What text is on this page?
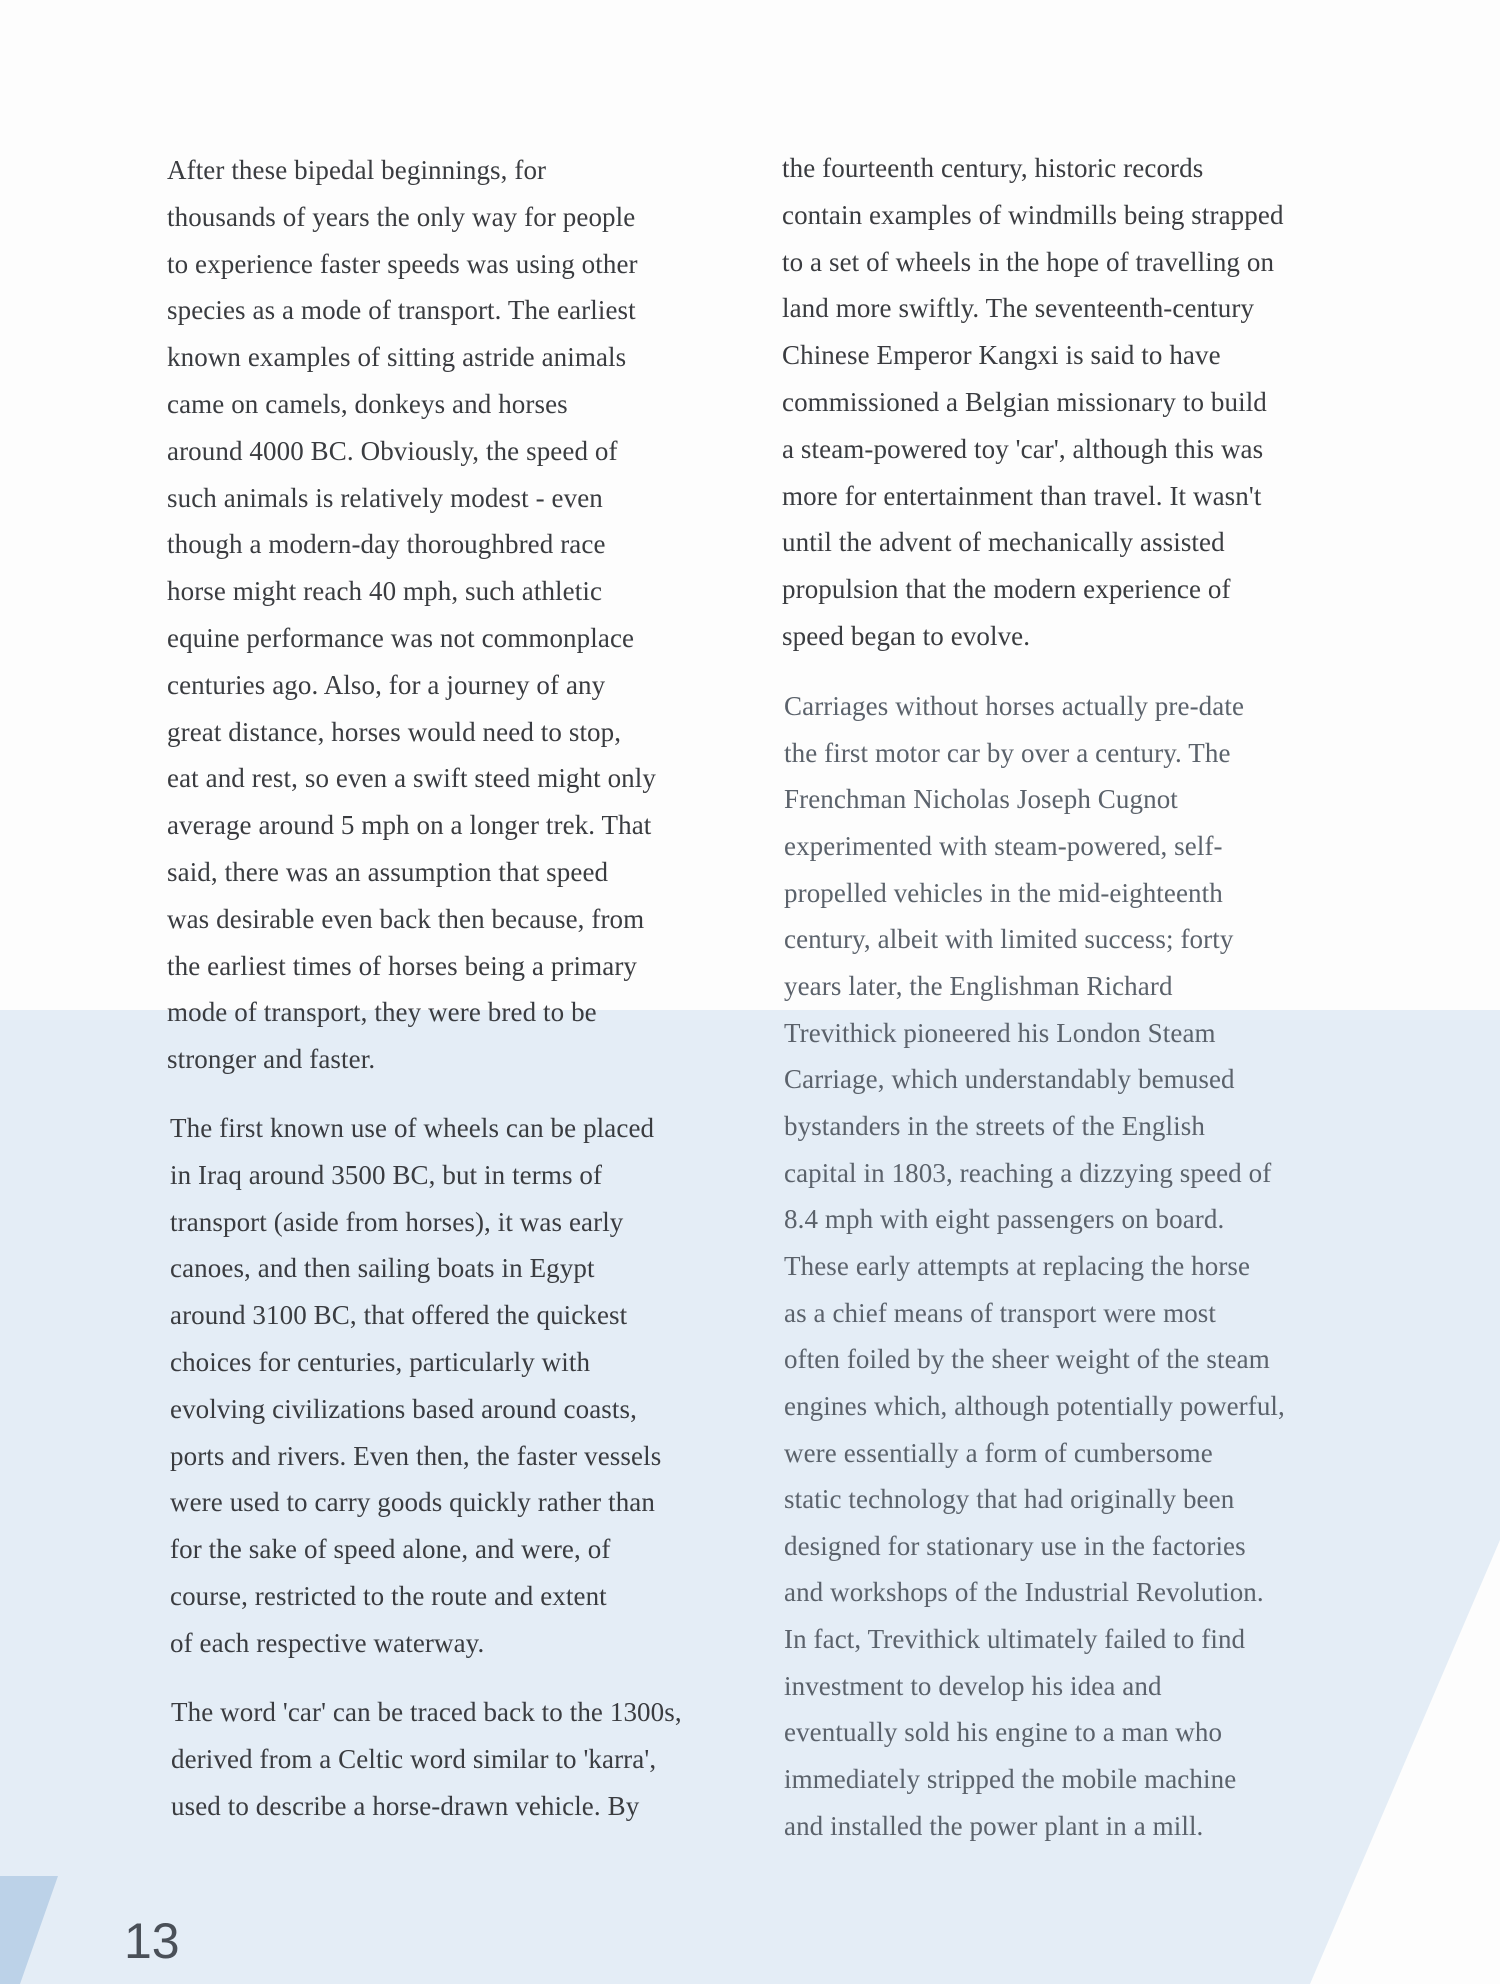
After these bipedal beginnings, for
thousands of years the only way for people
to experience faster speeds was using other
species as a mode of transport. The earliest
known examples of sitting astride animals
came on camels, donkeys and horses
around 4000 BC. Obviously, the speed of
such animals is relatively modest - even
though a modern-day thoroughbred race
horse might reach 40 mph, such athletic
equine performance was not commonplace
centuries ago. Also, for a journey of any
great distance, horses would need to stop,
eat and rest, so even a swift steed might only
average around 5 mph on a longer trek. That
said, there was an assumption that speed
was desirable even back then because, from
the earliest times of horses being a primary
mode of transport, they were bred to be
stronger and faster.
The first known use of wheels can be placed
in Iraq around 3500 BC, but in terms of
transport (aside from horses), it was early
canoes, and then sailing boats in Egypt
around 3100 BC, that offered the quickest
choices for centuries, particularly with
evolving civilizations based around coasts,
ports and rivers. Even then, the faster vessels
were used to carry goods quickly rather than
for the sake of speed alone, and were, of
course, restricted to the route and extent
of each respective waterway.
The word 'car' can be traced back to the 1300s,
derived from a Celtic word similar to 'karra',
used to describe a horse-drawn vehicle. By
the fourteenth century, historic records
contain examples of windmills being strapped
to a set of wheels in the hope of travelling on
land more swiftly. The seventeenth-century
Chinese Emperor Kangxi is said to have
commissioned a Belgian missionary to build
a steam-powered toy 'car', although this was
more for entertainment than travel. It wasn't
until the advent of mechanically assisted
propulsion that the modern experience of
speed began to evolve.
Carriages without horses actually pre-date
the first motor car by over a century. The
Frenchman Nicholas Joseph Cugnot
experimented with steam-powered, self-
propelled vehicles in the mid-eighteenth
century, albeit with limited success; forty
years later, the Englishman Richard
Trevithick pioneered his London Steam
Carriage, which understandably bemused
bystanders in the streets of the English
capital in 1803, reaching a dizzying speed of
8.4 mph with eight passengers on board.
These early attempts at replacing the horse
as a chief means of transport were most
often foiled by the sheer weight of the steam
engines which, although potentially powerful,
were essentially a form of cumbersome
static technology that had originally been
designed for stationary use in the factories
and workshops of the Industrial Revolution.
In fact, Trevithick ultimately failed to find
investment to develop his idea and
eventually sold his engine to a man who
immediately stripped the mobile machine
and installed the power plant in a mill.
13
